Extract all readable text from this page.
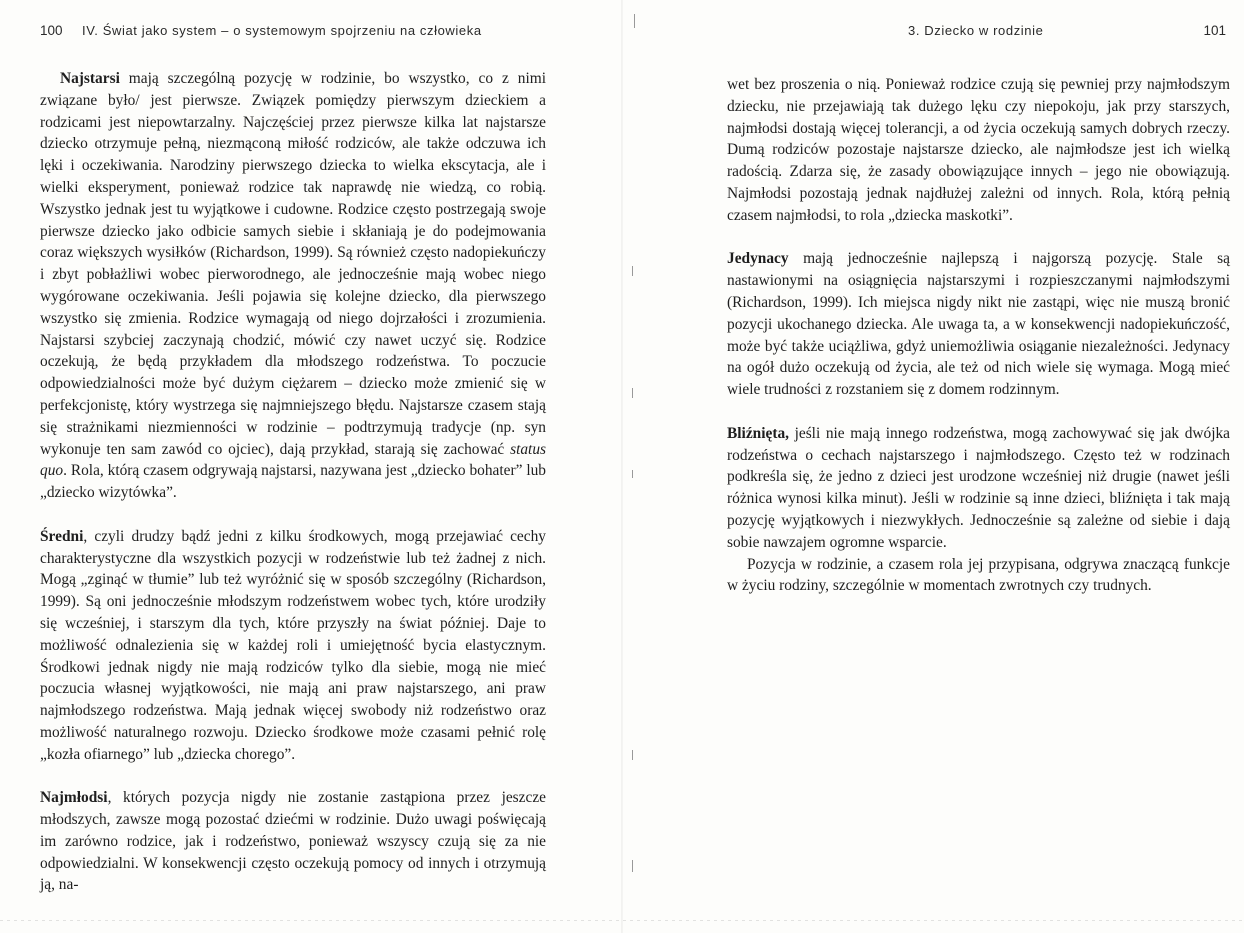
100 IV. Świat jako system – o systemowym spojrzeniu na człowieka

Najstarsi mają szczególną pozycję w rodzinie, bo wszystko, co z nimi związane było/ jest pierwsze. Związek pomiędzy pierwszym dzieckiem a rodzicami jest niepowtarzalny. Najczęściej przez pierwsze kilka lat najstarsze dziecko otrzymuje pełną, niezmąconą miłość rodziców, ale także odczuwa ich lęki i oczekiwania. Narodziny pierwszego dziecka to wielka ekscytacja, ale i wielki eksperyment, ponieważ rodzice tak naprawdę nie wiedzą, co robią. Wszystko jednak jest tu wyjątkowe i cudowne. Rodzice często postrzegają swoje pierwsze dziecko jako odbicie samych siebie i skłaniają je do podejmowania coraz większych wysiłków (Richardson, 1999). Są również często nadopiekuńczy i zbyt pobłażliwi wobec pierworodnego, ale jednocześnie mają wobec niego wygórowane oczekiwania. Jeśli pojawia się kolejne dziecko, dla pierwszego wszystko się zmienia. Rodzice wymagają od niego dojrzałości i zrozumienia. Najstarsi szybciej zaczynają chodzić, mówić czy nawet uczyć się. Rodzice oczekują, że będą przykładem dla młodszego rodzeństwa. To poczucie odpowiedzialności może być dużym ciężarem – dziecko może zmienić się w perfekcjonistę, który wystrzega się najmniejszego błędu. Najstarsze czasem stają się strażnikami niezmienności w rodzinie – podtrzymują tradycje (np. syn wykonuje ten sam zawód co ojciec), dają przykład, starają się zachować status quo. Rola, którą czasem odgrywają najstarsi, nazywana jest „dziecko bohater” lub „dziecko wizytówka”.

Średni, czyli drudzy bądź jedni z kilku środkowych, mogą przejawiać cechy charakterystyczne dla wszystkich pozycji w rodzeństwie lub też żadnej z nich. Mogą „zginąć w tłumie” lub też wyróżnić się w sposób szczególny (Richardson, 1999). Są oni jednocześnie młodszym rodzeństwem wobec tych, które urodziły się wcześniej, i starszym dla tych, które przyszły na świat później. Daje to możliwość odnalezienia się w każdej roli i umiejętność bycia elastycznym. Środkowi jednak nigdy nie mają rodziców tylko dla siebie, mogą nie mieć poczucia własnej wyjątkowości, nie mają ani praw najstarszego, ani praw najmłodszego rodzeństwa. Mają jednak więcej swobody niż rodzeństwo oraz możliwość naturalnego rozwoju. Dziecko środkowe może czasami pełnić rolę „kozła ofiarnego” lub „dziecka chorego”.

Najmłodsi, których pozycja nigdy nie zostanie zastąpiona przez jeszcze młodszych, zawsze mogą pozostać dziećmi w rodzinie. Dużo uwagi poświęcają im zarówno rodzice, jak i rodzeństwo, ponieważ wszyscy czują się za nie odpowiedzialni. W konsekwencji często oczekują pomocy od innych i otrzymują ją, na-

3. Dziecko w rodzinie	101

wet bez proszenia o nią. Ponieważ rodzice czują się pewniej przy najmłodszym dziecku, nie przejawiają tak dużego lęku czy niepokoju, jak przy starszych, najmłodsi dostają więcej tolerancji, a od życia oczekują samych dobrych rzeczy. Dumą rodziców pozostaje najstarsze dziecko, ale najmłodsze jest ich wielką radością. Zdarza się, że zasady obowiązujące innych – jego nie obowiązują. Najmłodsi pozostają jednak najdłużej zależni od innych. Rola, którą pełnią czasem najmłodsi, to rola „dziecka maskotki”.

Jedynacy mają jednocześnie najlepszą i najgorszą pozycję. Stale są nastawionymi na osiągnięcia najstarszymi i rozpieszczanymi najmłodszymi (Richardson, 1999). Ich miejsca nigdy nikt nie zastąpi, więc nie muszą bronić pozycji ukochanego dziecka. Ale uwaga ta, a w konsekwencji nadopiekuńczość, może być także uciążliwa, gdyż uniemożliwia osiąganie niezależności. Jedynacy na ogół dużo oczekują od życia, ale też od nich wiele się wymaga. Mogą mieć wiele trudności z rozstaniem się z domem rodzinnym.

Bliźnięta, jeśli nie mają innego rodzeństwa, mogą zachowywać się jak dwójka rodzeństwa o cechach najstarszego i najmłodszego. Często też w rodzinach podkreśla się, że jedno z dzieci jest urodzone wcześniej niż drugie (nawet jeśli różnica wynosi kilka minut). Jeśli w rodzinie są inne dzieci, bliźnięta i tak mają pozycję wyjątkowych i niezwykłych. Jednocześnie są zależne od siebie i dają sobie nawzajem ogromne wsparcie.

Pozycja w rodzinie, a czasem rola jej przypisana, odgrywa znaczącą funkcje w życiu rodziny, szczególnie w momentach zwrotnych czy trudnych.
